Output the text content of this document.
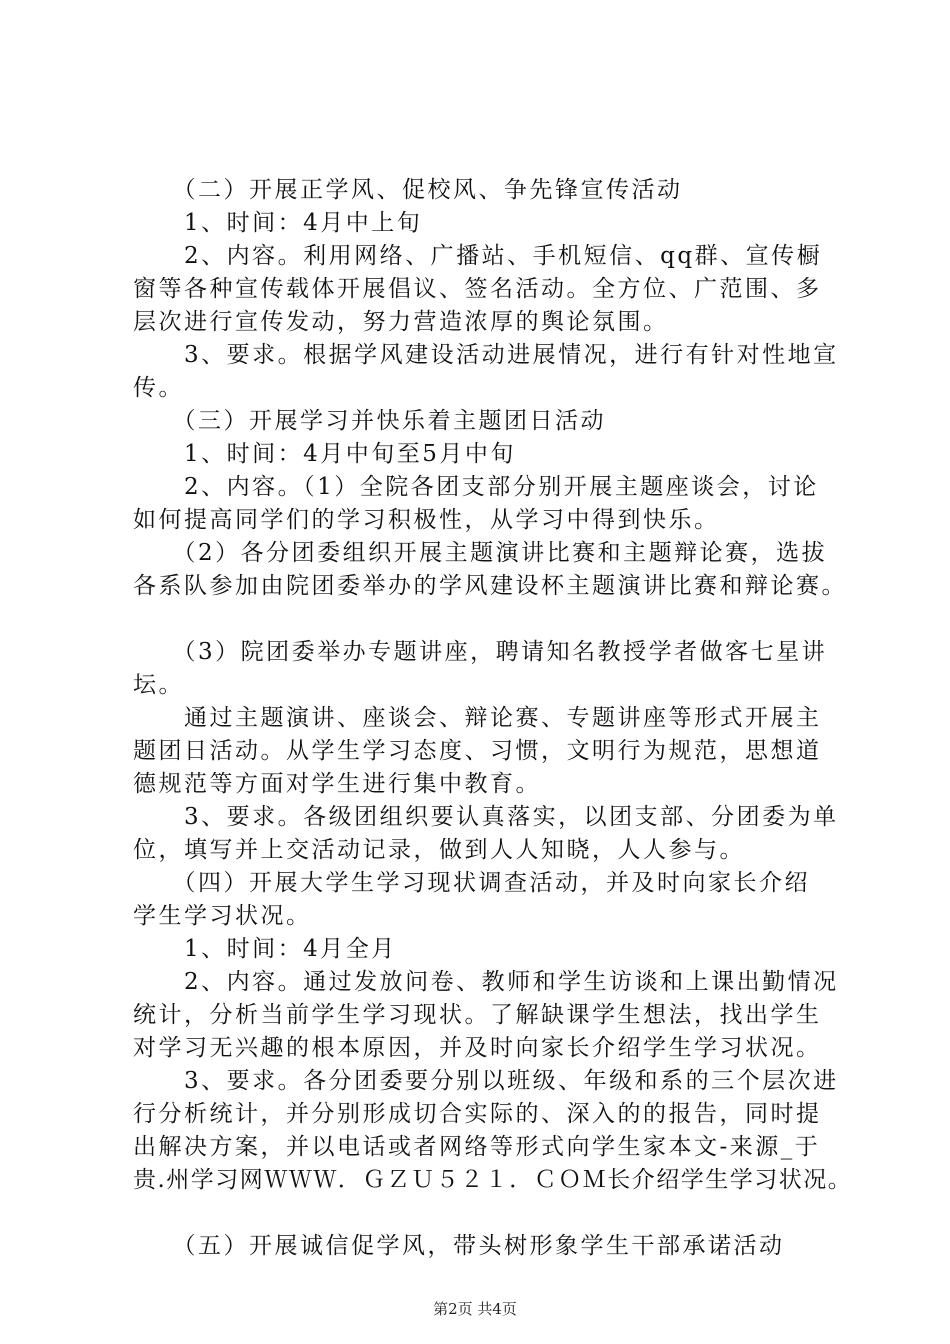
　　（二）开展正学风、促校风、争先锋宣传活动
　　1、时间：4月中上旬
　　2、内容。利用网络、广播站、手机短信、qq群、宣传橱
窗等各种宣传载体开展倡议、签名活动。全方位、广范围、多
层次进行宣传发动，努力营造浓厚的舆论氛围。
　　3、要求。根据学风建设活动进展情况，进行有针对性地宣
传。
　　（三）开展学习并快乐着主题团日活动
　　1、时间：4月中旬至5月中旬
　　2、内容。（1）全院各团支部分别开展主题座谈会，讨论
如何提高同学们的学习积极性，从学习中得到快乐。
　　（2）各分团委组织开展主题演讲比赛和主题辩论赛，选拔
各系队参加由院团委举办的学风建设杯主题演讲比赛和辩论赛。
　　（3）院团委举办专题讲座，聘请知名教授学者做客七星讲
坛。
　　通过主题演讲、座谈会、辩论赛、专题讲座等形式开展主
题团日活动。从学生学习态度、习惯，文明行为规范，思想道
德规范等方面对学生进行集中教育。
　　3、要求。各级团组织要认真落实，以团支部、分团委为单
位，填写并上交活动记录，做到人人知晓，人人参与。
　　（四）开展大学生学习现状调查活动，并及时向家长介绍
学生学习状况。
　　1、时间：4月全月
　　2、内容。通过发放问卷、教师和学生访谈和上课出勤情况
统计，分析当前学生学习现状。了解缺课学生想法，找出学生
对学习无兴趣的根本原因，并及时向家长介绍学生学习状况。
　　3、要求。各分团委要分别以班级、年级和系的三个层次进
行分析统计，并分别形成切合实际的、深入的的报告，同时提
出解决方案，并以电话或者网络等形式向学生家本文-来源_于
贵.州学习网ＷＷＷ．ＧＺＵ５２１．ＣＯＭ长介绍学生学习状况。
　　（五）开展诚信促学风，带头树形象学生干部承诺活动
第2页 共4页
